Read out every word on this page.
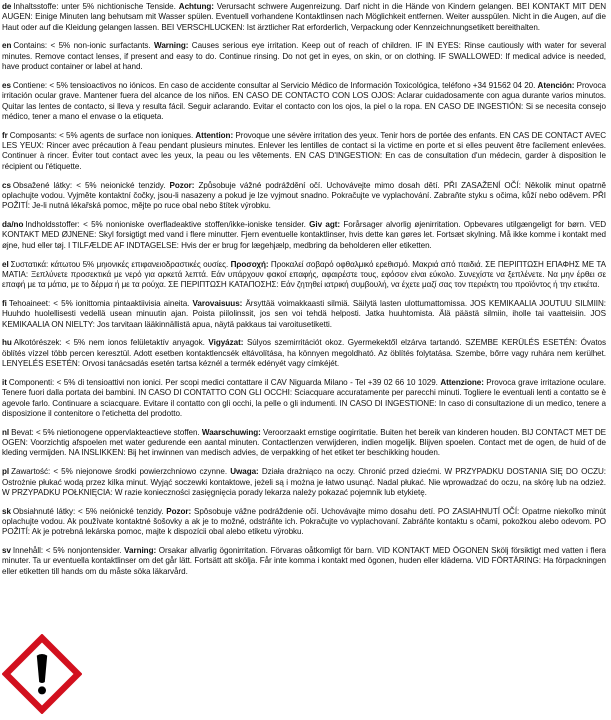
de Inhaltsstoffe: unter 5% nichtionische Tenside. Achtung: Verursacht schwere Augenreizung. Darf nicht in die Hände von Kindern gelangen. BEI KONTAKT MIT DEN AUGEN: Einige Minuten lang behutsam mit Wasser spülen. Eventuell vorhandene Kontaktlinsen nach Möglichkeit entfernen. Weiter ausspülen. Nicht in die Augen, auf die Haut oder auf die Kleidung gelangen lassen. BEI VERSCHLUCKEN: Ist ärztlicher Rat erforderlich, Verpackung oder Kennzeichnungsetikett bereithalten.

en Contains: < 5% non-ionic surfactants. Warning: Causes serious eye irritation. Keep out of reach of children. IF IN EYES: Rinse cautiously with water for several minutes. Remove contact lenses, if present and easy to do. Continue rinsing. Do not get in eyes, on skin, or on clothing. IF SWALLOWED: If medical advice is needed, have product container or label at hand.

es Contiene: < 5% tensioactivos no iónicos. En caso de accidente consultar al Servicio Médico de Información Toxicológica, teléfono +34 91562 04 20. Atención: Provoca irritación ocular grave. Mantener fuera del alcance de los niños. EN CASO DE CONTACTO CON LOS OJOS: Aclarar cuidadosamente con agua durante varios minutos. Quitar las lentes de contacto, si lleva y resulta fácil. Seguir aclarando. Evitar el contacto con los ojos, la piel o la ropa. EN CASO DE INGESTIÓN: Si se necesita consejo médico, tener a mano el envase o la etiqueta.

fr Composants: < 5% agents de surface non ioniques. Attention: Provoque une sévère irritation des yeux. Tenir hors de portée des enfants. EN CAS DE CONTACT AVEC LES YEUX: Rincer avec précaution à l'eau pendant plusieurs minutes. Enlever les lentilles de contact si la victime en porte et si elles peuvent être facilement enlevées. Continuer à rincer. Éviter tout contact avec les yeux, la peau ou les vêtements. EN CAS D'INGESTION: En cas de consultation d'un médecin, garder à disposition le récipient ou l'étiquette.

cs Obsažené látky: < 5% neionické tenzidy. Pozor: Způsobuje vážné podráždění očí. Uchovávejte mimo dosah dětí. PŘI ZASAŽENÍ OČÍ: Několik minut opatrně oplachujte vodou. Vyjměte kontaktní čočky, jsou-li nasazeny a pokud je lze vyjmout snadno. Pokračujte ve vyplachování. Zabraňte styku s očima, kůží nebo oděvem. PŘI POŽITÍ: Je-li nutná lékařská pomoc, mějte po ruce obal nebo štítek výrobku.

da/no Indholdsstoffer: < 5% nonioniske overfladeaktive stoffen/ikke-ioniske tensider. Giv agt: Forårsager alvorlig øjenirritation. Opbevares utilgængeligt for børn. VED KONTAKT MED ØJNENE: Skyl forsigtigt med vand i flere minutter. Fjern eventuelle kontaktlinser, hvis dette kan gøres let. Fortsæt skylning. Må ikke komme i kontakt med øjne, hud eller tøj. I TILFÆLDE AF INDTAGELSE: Hvis der er brug for lægehjælp, medbring da beholderen eller etiketten.

el Συστατικά: κάτωτου 5% μηιονικές επιφανειοδραστικές ουσίες. Προσοχή: Προκαλεί σοβαρό οφθαλμικό ερεθισμό. Μακριά από παιδιά. ΣΕ ΠΕΡΙΠΤΩΣΗ ΕΠΑΦΗΣ ΜΕ ΤΑ ΜΑΤΙΑ: Ξεπλύνετε προσεκτικά με νερό για αρκετά λεπτά. Εάν υπάρχουν φακοί επαφής, αφαιρέστε τους, εφόσον είναι εύκολο. Συνεχίστε να ξεπλένετε. Να μην έρθει σε επαφή με τα μάτια, με το δέρμα ή με τα ρούχα. ΣΕ ΠΕΡΙΠΤΩΣΗ ΚΑΤΑΠΟΣΗΣ: Εάν ζητηθεί ιατρική συμβουλή, να έχετε μαζί σας τον περιέκτη του προϊόντος ή την ετικέτα.

fi Tehoaineet: < 5% ionittomia pintaaktiivisia aineita. Varovaisuus: Ärsyttää voimakkaasti silmiä. Säilytä lasten ulottumattomissa. JOS KEMIKAALIA JOUTUU SILMIIN: Huuhdo huolellisesti vedellä usean minuutin ajan. Poista piilolinssit, jos sen voi tehdä helposti. Jatka huuhtomista. Älä päästä silmiin, iholle tai vaatteisiin. JOS KEMIKAALIA ON NIELTY: Jos tarvitaan lääkinnällistä apua, näytä pakkaus tai varoitusetiketti.

hu Alkotórészek: < 5% nem ionos felületaktív anyagok. Vigyázat: Súlyos szemirritációt okoz. Gyermekektől elzárva tartandó. SZEMBE KERÜLÉS ESETÉN: Óvatos öblítés vízzel több percen keresztül. Adott esetben kontaktlencsék eltávolítása, ha könnyen megoldható. Az öblítés folytatása. Szembe, bőrre vagy ruhára nem kerülhet. LENYELÉS ESETÉN: Orvosi tanácsadás esetén tartsa kéznél a termék edényét vagy címkéjét.

it Componenti: < 5% di tensioattivi non ionici. Per scopi medici contattare il CAV Niguarda Milano - Tel +39 02 66 10 1029. Attenzione: Provoca grave irritazione oculare. Tenere fuori dalla portata dei bambini. IN CASO DI CONTATTO CON GLI OCCHI: Sciacquare accuratamente per parecchi minuti. Togliere le eventuali lenti a contatto se è agevole farlo. Continuare a sciacquare. Evitare il contatto con gli occhi, la pelle o gli indumenti. IN CASO DI INGESTIONE: In caso di consultazione di un medico, tenere a disposizione il contenitore o l'etichetta del prodotto.

nl Bevat: < 5% nietionogene oppervlakteactieve stoffen. Waarschuwing: Veroorzaakt ernstige oogirritatie. Buiten het bereik van kinderen houden. BIJ CONTACT MET DE OGEN: Voorzichtig afspoelen met water gedurende een aantal minuten. Contactlenzen verwijderen, indien mogelijk. Blijven spoelen. Contact met de ogen, de huid of de kleding vermijden. NA INSLIKKEN: Bij het inwinnen van medisch advies, de verpakking of het etiket ter beschikking houden.

pl Zawartość: < 5% niejonowe środki powierzchniowo czynne. Uwaga: Działa drażniąco na oczy. Chronić przed dziećmi. W PRZYPADKU DOSTANIA SIĘ DO OCZU: Ostrożnie płukać wodą przez kilka minut. Wyjąć soczewki kontaktowe, jeżeli są i można je łatwo usunąć. Nadal płukać. Nie wprowadzać do oczu, na skórę lub na odzież. W PRZYPADKU POŁKNIĘCIA: W razie konieczności zasięgnięcia porady lekarza należy pokazać pojemnik lub etykietę.

sk Obsiahnuté látky: < 5% neiónické tenzidy. Pozor: Spôsobuje vážne podráždenie očí. Uchovávajte mimo dosahu detí. PO ZASIAHNUTÍ OČÍ: Opatrne niekoľko minút oplachujte vodou. Ak používate kontaktné šošovky a ak je to možné, odstráňte ich. Pokračujte vo vyplachovaní. Zabráňte kontaktu s očami, pokožkou alebo odevom. PO POŽITÍ: Ak je potrebná lekárska pomoc, majte k dispozícii obal alebo etiketu výrobku.

sv Innehåll: < 5% nonjontensider. Varning: Orsakar allvarlig ögonirritation. Förvaras oåtkomligt för barn. VID KONTAKT MED ÖGONEN Skölj försiktigt med vatten i flera minuter. Ta ur eventuella kontaktlinser om det går lätt. Fortsätt att skölja. Får inte komma i kontakt med ögonen, huden eller kläderna. VID FÖRTÄRING: Ha förpackningen eller etiketten till hands om du måste söka läkarvård.
